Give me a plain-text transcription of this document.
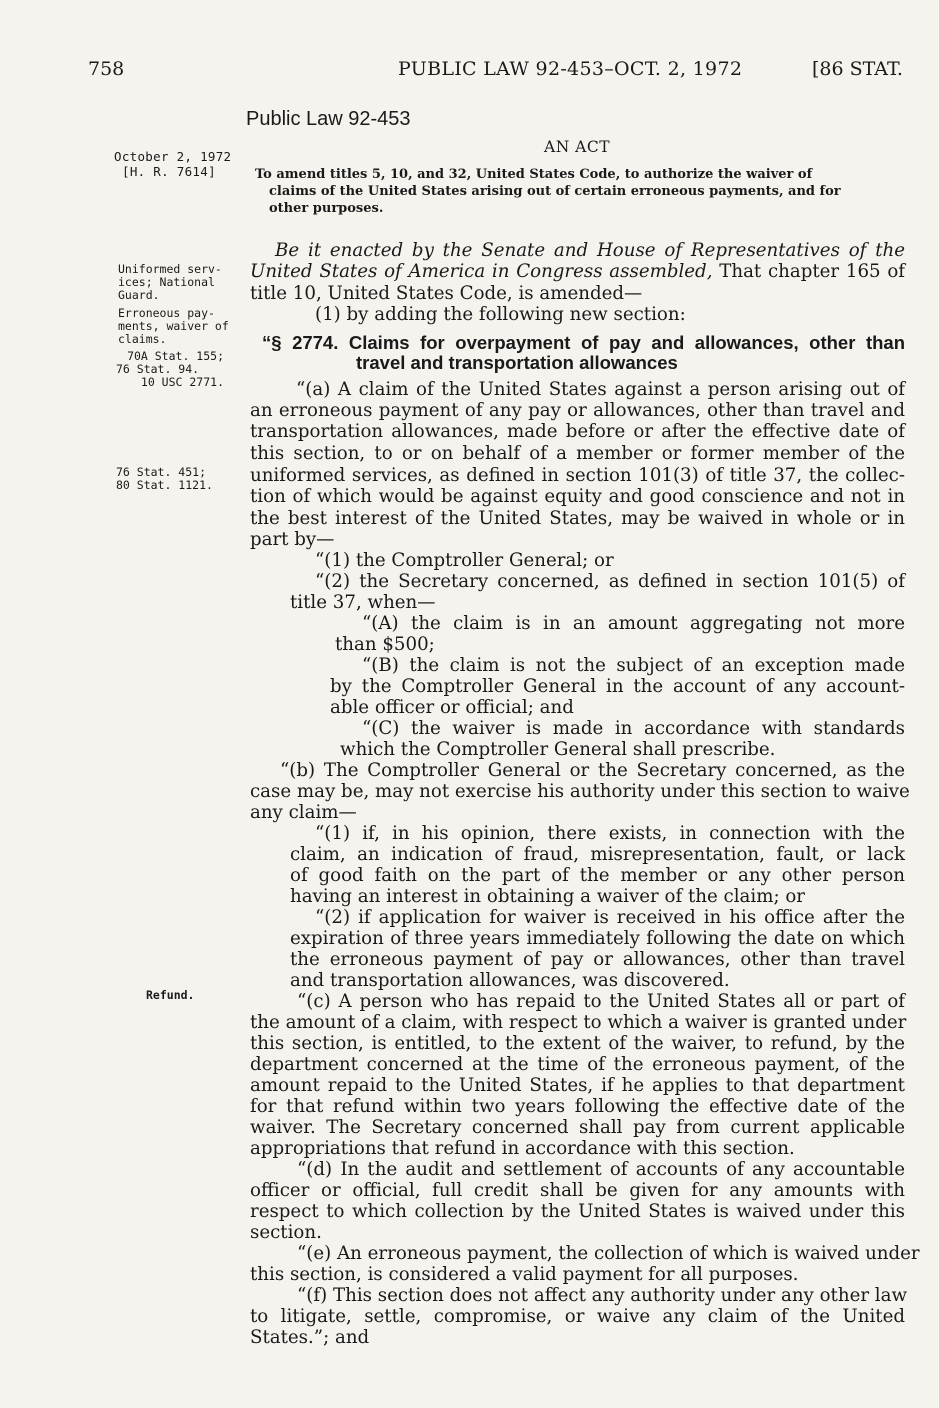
758	PUBLIC LAW 92-453–OCT. 2, 1972	[86 STAT.
Public Law 92-453
AN ACT
To amend titles 5, 10, and 32, United States Code, to authorize the waiver of
claims of the United States arising out of certain erroneous payments, and for
other purposes.
October 2, 1972
[H. R. 7614]
Uniformed serv-
ices; National
Guard.
Erroneous pay-
ments, waiver of
claims.
70A Stat. 155;
76 Stat. 94.
10 USC 2771.
76 Stat. 451;
80 Stat. 1121.
Refund.
Be it enacted by the Senate and House of Representatives of the
United States of America in Congress assembled, That chapter 165 of
title 10, United States Code, is amended—
(1) by adding the following new section:
“§ 2774. Claims for overpayment of pay and allowances, other than
travel and transportation allowances
“(a) A claim of the United States against a person arising out of
an erroneous payment of any pay or allowances, other than travel and
transportation allowances, made before or after the effective date of
this section, to or on behalf of a member or former member of the
uniformed services, as defined in section 101(3) of title 37, the collec-
tion of which would be against equity and good conscience and not in
the best interest of the United States, may be waived in whole or in
part by—
“(1) the Comptroller General; or
“(2) the Secretary concerned, as defined in section 101(5) of
title 37, when—
“(A) the claim is in an amount aggregating not more
than $500;
“(B) the claim is not the subject of an exception made
by the Comptroller General in the account of any account-
able officer or official; and
“(C) the waiver is made in accordance with standards
which the Comptroller General shall prescribe.
“(b) The Comptroller General or the Secretary concerned, as the
case may be, may not exercise his authority under this section to waive
any claim—
“(1) if, in his opinion, there exists, in connection with the
claim, an indication of fraud, misrepresentation, fault, or lack
of good faith on the part of the member or any other person
having an interest in obtaining a waiver of the claim; or
“(2) if application for waiver is received in his office after the
expiration of three years immediately following the date on which
the erroneous payment of pay or allowances, other than travel
and transportation allowances, was discovered.
“(c) A person who has repaid to the United States all or part of
the amount of a claim, with respect to which a waiver is granted under
this section, is entitled, to the extent of the waiver, to refund, by the
department concerned at the time of the erroneous payment, of the
amount repaid to the United States, if he applies to that department
for that refund within two years following the effective date of the
waiver. The Secretary concerned shall pay from current applicable
appropriations that refund in accordance with this section.
“(d) In the audit and settlement of accounts of any accountable
officer or official, full credit shall be given for any amounts with
respect to which collection by the United States is waived under this
section.
“(e) An erroneous payment, the collection of which is waived under
this section, is considered a valid payment for all purposes.
“(f) This section does not affect any authority under any other law
to litigate, settle, compromise, or waive any claim of the United
States.”; and
